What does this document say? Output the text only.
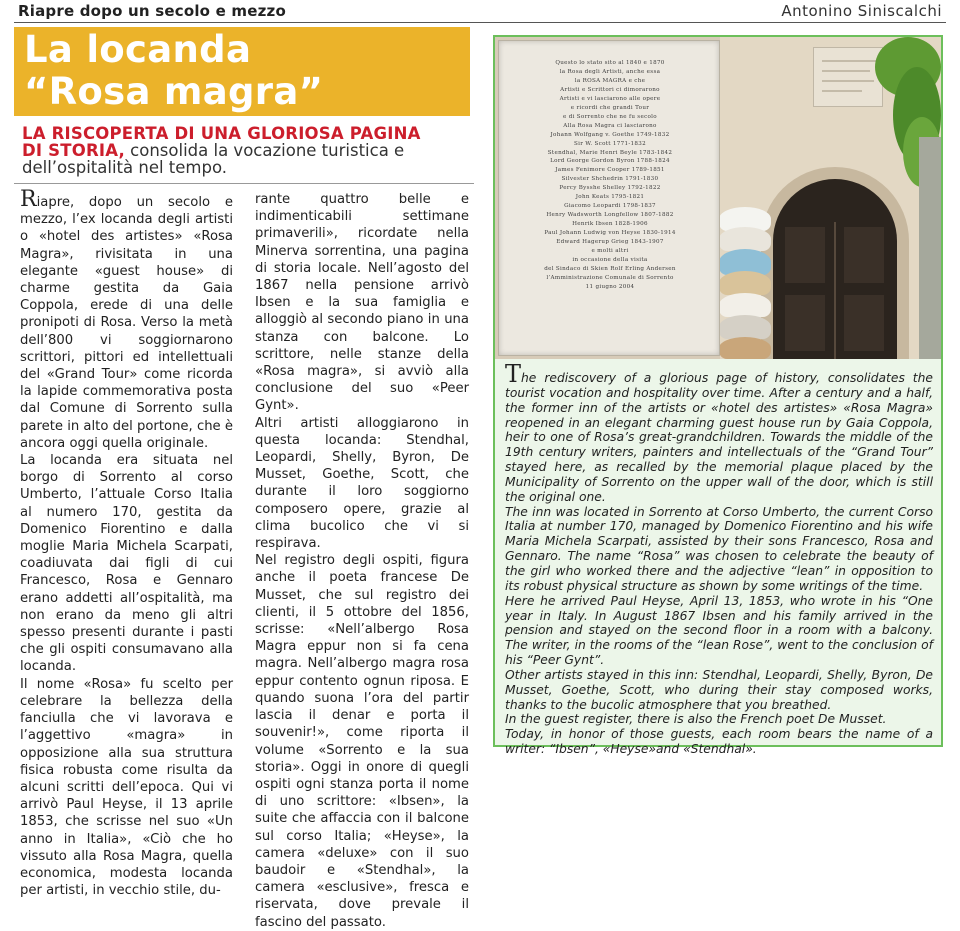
Riapre dopo un secolo e mezzo	Antonino Siniscalchi
La locanda
“Rosa magra”
LA RISCOPERTA DI UNA GLORIOSA PAGINA
DI STORIA, consolida la vocazione turistica e dell’ospitalità nel tempo.

Riapre, dopo un secolo e mezzo, l’ex locanda degli artisti o «hotel des artistes» «Rosa Magra», rivisitata in una elegante «guest house» di charme gestita da Gaia Coppola, erede di una delle pronipoti di Rosa. Verso la metà dell’800 vi soggiornarono scrittori, pittori ed intellettuali del «Grand Tour» come ricorda la lapide commemorativa posta dal Comune di Sorrento sulla parete in alto del portone, che è ancora oggi quella originale.

La locanda era situata nel borgo di Sorrento al corso Umberto, l’attuale Corso Italia al numero 170, gestita da Domenico Fiorentino e dalla moglie Maria Michela Scarpati, coadiuvata dai figli di cui Francesco, Rosa e Gennaro erano addetti all’ospitalità, ma non erano da meno gli altri spesso presenti durante i pasti che gli ospiti consumavano alla locanda.

Il nome «Rosa» fu scelto per celebrare la bellezza della fanciulla che vi lavorava e l’aggettivo «magra» in opposizione alla sua struttura fisica robusta come risulta da alcuni scritti dell’epoca. Qui vi arrivò Paul Heyse, il 13 aprile 1853, che scrisse nel suo «Un anno in Italia», «Ciò che ho vissuto alla Rosa Magra, quella economica, modesta locanda per artisti, in vecchio stile, du-

rante quattro belle e indimenticabili settimane primaverili», ricordate nella Minerva sorrentina, una pagina di storia locale. Nell’agosto del 1867 nella pensione arrivò Ibsen e la sua famiglia e alloggiò al secondo piano in una stanza con balcone. Lo scrittore, nelle stanze della «Rosa magra», si avviò alla conclusione del suo «Peer Gynt».

Altri artisti alloggiarono in questa locanda: Stendhal, Leopardi, Shelly, Byron, De Musset, Goethe, Scott, che durante il loro soggiorno composero opere, grazie al clima bucolico che vi si respirava.

Nel registro degli ospiti, figura anche il poeta francese De Musset, che sul registro dei clienti, il 5 ottobre del 1856, scrisse: «Nell’albergo Rosa Magra eppur non si fa cena magra. Nell’albergo magra rosa eppur contento ognun riposa. E quando suona l’ora del partir lascia il denar e porta il souvenir!», come riporta il volume «Sorrento e la sua storia». Oggi in onore di quegli ospiti ogni stanza porta il nome di uno scrittore: «Ibsen», la suite che affaccia con il balcone sul corso Italia; «Heyse», la camera «deluxe» con il suo baudoir e «Stendhal», la camera «esclusive», fresca e riservata, dove prevale il fascino del passato.

Questo lo stato sito al 1840 e 1870
la Rosa degli Artisti, anche essa
la ROSA MAGRA e che
Artisti e Scrittori ci dimorarono
Artisti e vi lasciarono alle opere
e ricordi che grandi Tour
e di Sorrento che ne fu secolo
Alla Rosa Magra ci lasciarono
Johann Wolfgang v. Goethe 1749-1832
Sir W. Scott 1771-1832
Stendhal, Marie Henri Beyle 1783-1842
Lord George Gordon Byron 1788-1824
James Fenimore Cooper 1789-1851
Silvester Shchedrin 1791-1830
Percy Bysshe Shelley 1792-1822
John Keats 1795-1821
Giacomo Leopardi 1798-1837
Henry Wadsworth Longfellow 1807-1882
Henrik Ibsen 1828-1906
Paul Johann Ludwig von Heyse 1830-1914
Edward Hagerup Grieg 1843-1907
e molti altri
in occasione della visita
del Sindaco di Skien Rolf Erling Andersen
l’Amministrazione Comunale di Sorrento
11 giugno 2004

The rediscovery of a glorious page of history, consolidates the tourist vocation and hospitality over time. After a century and a half, the former inn of the artists or «hotel des artistes» «Rosa Magra» reopened in an elegant charming guest house run by Gaia Coppola, heir to one of Rosa’s great-grandchildren. Towards the middle of the 19th century writers, painters and intellectuals of the “Grand Tour” stayed here, as recalled by the memorial plaque placed by the Municipality of Sorrento on the upper wall of the door, which is still the original one.

The inn was located in Sorrento at Corso Umberto, the current Corso Italia at number 170, managed by Domenico Fiorentino and his wife Maria Michela Scarpati, assisted by their sons Francesco, Rosa and Gennaro. The name “Rosa” was chosen to celebrate the beauty of the girl who worked there and the adjective “lean” in opposition to its robust physical structure as shown by some writings of the time.

Here he arrived Paul Heyse, April 13, 1853, who wrote in his “One year in Italy. In August 1867 Ibsen and his family arrived in the pension and stayed on the second floor in a room with a balcony. The writer, in the rooms of the “lean Rose”, went to the conclusion of his “Peer Gynt”.

Other artists stayed in this inn: Stendhal, Leopardi, Shelly, Byron, De Musset, Goethe, Scott, who during their stay composed works, thanks to the bucolic atmosphere that you breathed.

In the guest register, there is also the French poet De Musset.

Today, in honor of those guests, each room bears the name of a writer: “Ibsen”, «Heyse»and «Stendhal».
